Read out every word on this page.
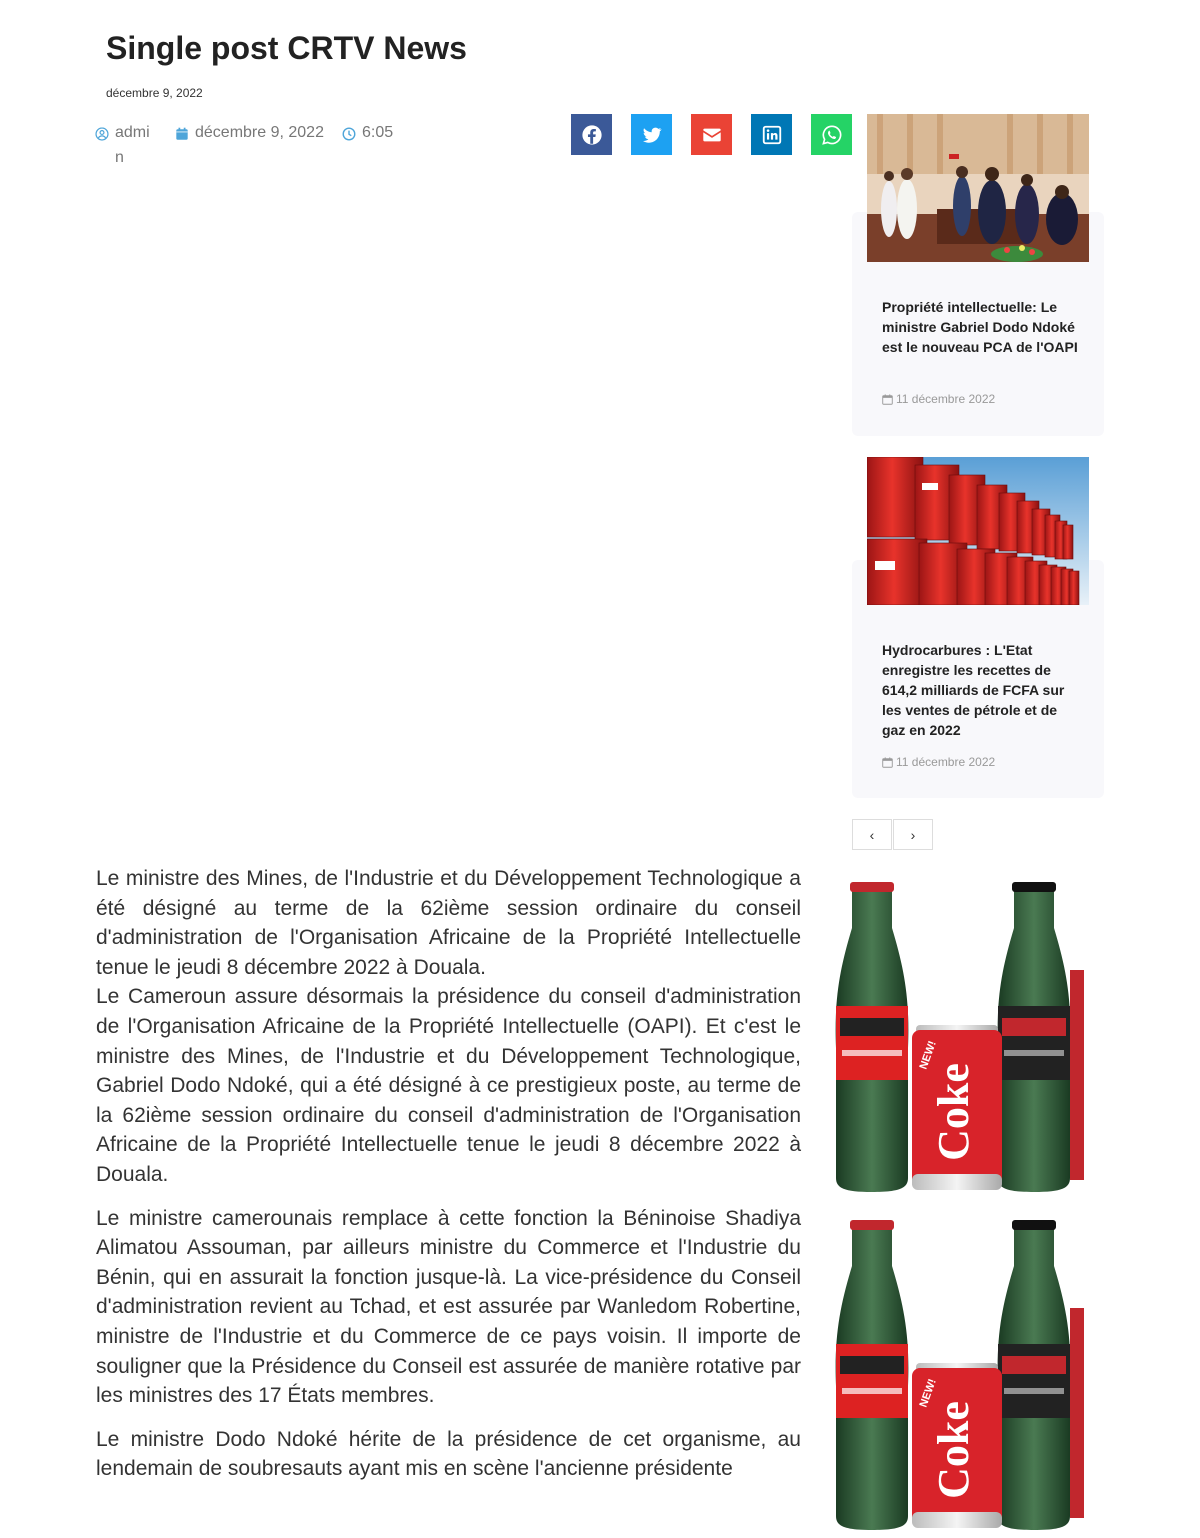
Single post CRTV News
décembre 9, 2022
admin
décembre 9, 2022 6:05
Propriété intellectuelle: Le ministre Gabriel Dodo Ndoké est le nouveau PCA de l'OAPI
11 décembre 2022
Hydrocarbures : L'Etat enregistre les recettes de 614,2 milliards de FCFA sur les ventes de pétrole et de gaz en 2022
11 décembre 2022
‹	›
Coke
NEW!
Coke
NEW!

Le ministre des Mines, de l'Industrie et du Développement Technologique a été désigné au terme de la 62ième session ordinaire du conseil d'administration de l'Organisation Africaine de la Propriété Intellectuelle tenue le jeudi 8 décembre 2022 à Douala.

Le Cameroun assure désormais la présidence du conseil d'administration de l'Organisation Africaine de la Propriété Intellectuelle (OAPI). Et c'est le ministre des Mines, de l'Industrie et du Développement Technologique, Gabriel Dodo Ndoké, qui a été désigné à ce prestigieux poste, au terme de la 62ième session ordinaire du conseil d'administration de l'Organisation Africaine de la Propriété Intellectuelle tenue le jeudi 8 décembre 2022 à Douala.

Le ministre camerounais remplace à cette fonction la Béninoise Shadiya Alimatou Assouman, par ailleurs ministre du Commerce et l'Industrie du Bénin, qui en assurait la fonction jusque-là. La vice-présidence du Conseil d'administration revient au Tchad, et est assurée par Wanledom Robertine, ministre de l'Industrie et du Commerce de ce pays voisin. Il importe de souligner que la Présidence du Conseil est assurée de manière rotative par les ministres des 17 États membres.

Le ministre Dodo Ndoké hérite de la présidence de cet organisme, au lendemain de soubresauts ayant mis en scène l'ancienne présidente
